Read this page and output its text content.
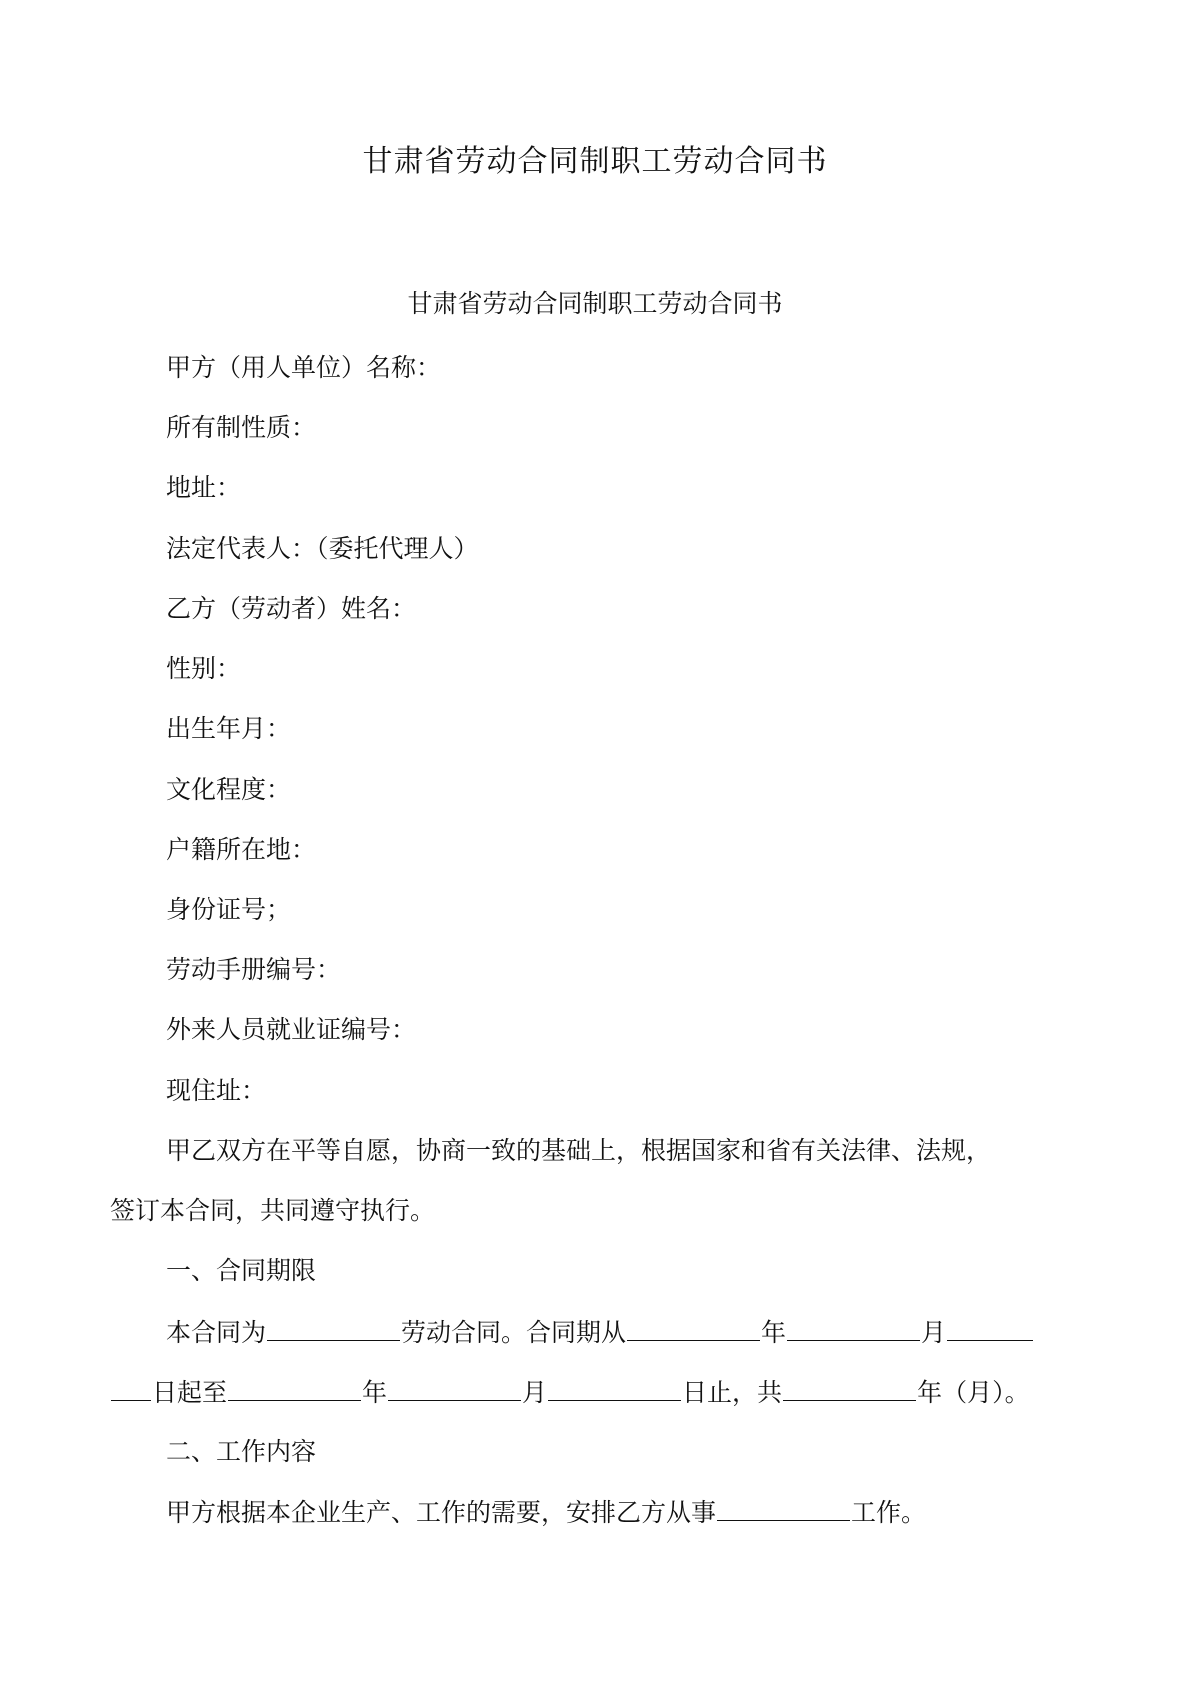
甘肃省劳动合同制职工劳动合同书
甘肃省劳动合同制职工劳动合同书
甲方（用人单位）名称：
所有制性质：
地址：
法定代表人：（委托代理人）
乙方（劳动者）姓名：
性别：
出生年月：
文化程度：
户籍所在地：
身份证号；
劳动手册编号：
外来人员就业证编号：
现住址：
甲乙双方在平等自愿，协商一致的基础上，根据国家和省有关法律、法规，
签订本合同，共同遵守执行。
一、合同期限
本合同为	劳动合同。合同期从	年	月
日起至	年	月	日止，共	年（月）。
二、工作内容
甲方根据本企业生产、工作的需要，安排乙方从事	工作。
